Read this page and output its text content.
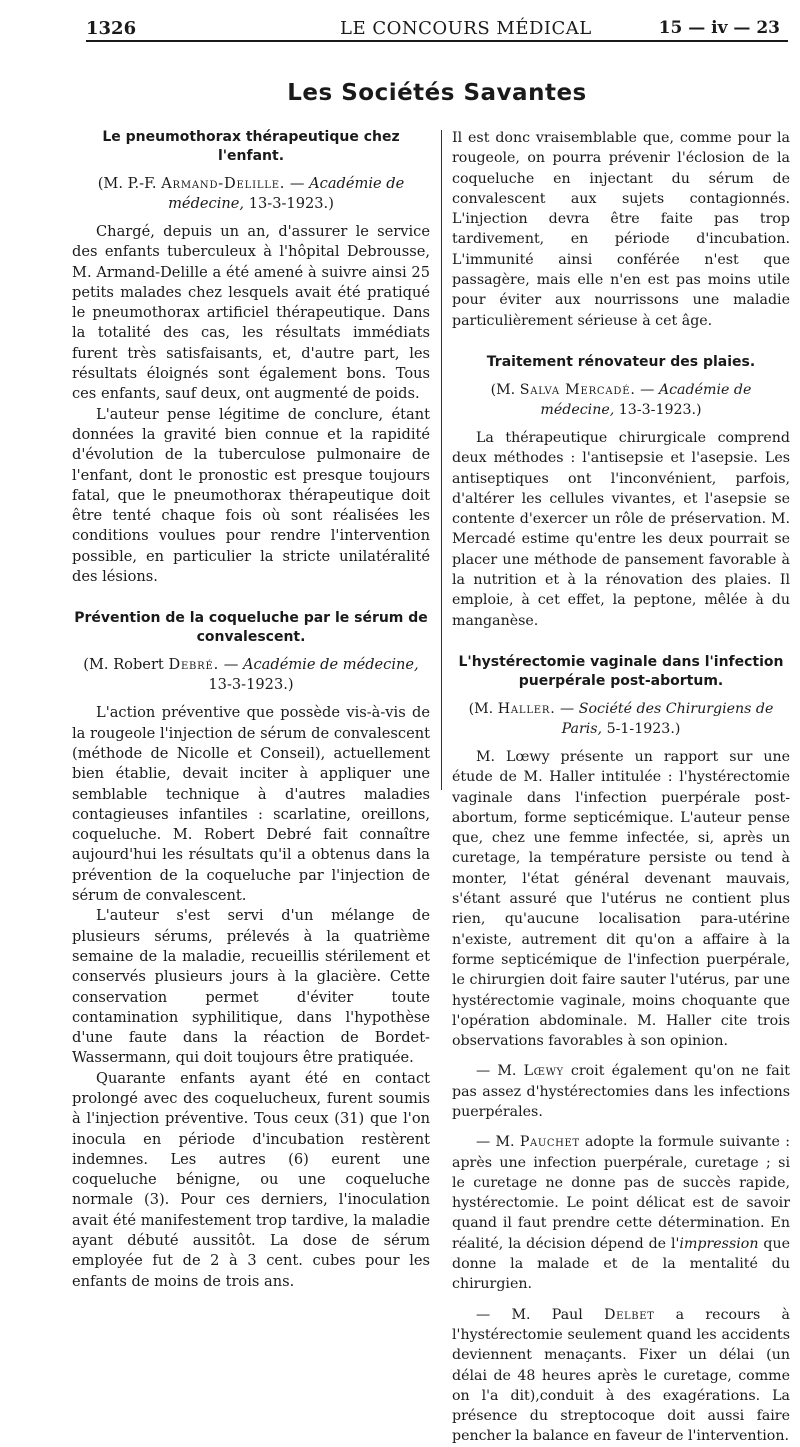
1326	LE CONCOURS MÉDICAL	15 — iv — 23
Les Sociétés Savantes
Le pneumothorax thérapeutique chez l'enfant.
(M. P.-F. Armand-Delille. — Académie de médecine, 13-3-1923.)

Chargé, depuis un an, d'assurer le service des enfants tuberculeux à l'hôpital Debrousse, M. Armand-Delille a été amené à suivre ainsi 25 petits malades chez lesquels avait été pratiqué le pneumothorax artificiel thérapeutique. Dans la totalité des cas, les résultats immédiats furent très satisfaisants, et, d'autre part, les résultats éloignés sont également bons. Tous ces enfants, sauf deux, ont augmenté de poids.

L'auteur pense légitime de conclure, étant données la gravité bien connue et la rapidité d'évolution de la tuberculose pulmonaire de l'enfant, dont le pronostic est presque toujours fatal, que le pneumothorax thérapeutique doit être tenté chaque fois où sont réalisées les conditions voulues pour rendre l'intervention possible, en particulier la stricte unilatéralité des lésions.

Prévention de la coqueluche par le sérum de convalescent.
(M. Robert Debré. — Académie de médecine, 13-3-1923.)

L'action préventive que possède vis-à-vis de la rougeole l'injection de sérum de convalescent (méthode de Nicolle et Conseil), actuellement bien établie, devait inciter à appliquer une semblable technique à d'autres maladies contagieuses infantiles : scarlatine, oreillons, coqueluche. M. Robert Debré fait connaître aujourd'hui les résultats qu'il a obtenus dans la prévention de la coqueluche par l'injection de sérum de convalescent.

L'auteur s'est servi d'un mélange de plusieurs sérums, prélevés à la quatrième semaine de la maladie, recueillis stérilement et conservés plusieurs jours à la glacière. Cette conservation permet d'éviter toute contamination syphilitique, dans l'hypothèse d'une faute dans la réaction de Bordet-Wassermann, qui doit toujours être pratiquée.

Quarante enfants ayant été en contact prolongé avec des coquelucheux, furent soumis à l'injection préventive. Tous ceux (31) que l'on inocula en période d'incubation restèrent indemnes. Les autres (6) eurent une coqueluche bénigne, ou une coqueluche normale (3). Pour ces derniers, l'inoculation avait été manifestement trop tardive, la maladie ayant débuté aussitôt. La dose de sérum employée fut de 2 à 3 cent. cubes pour les enfants de moins de trois ans.

Il est donc vraisemblable que, comme pour la rougeole, on pourra prévenir l'éclosion de la coqueluche en injectant du sérum de convalescent aux sujets contagionnés. L'injection devra être faite pas trop tardivement, en période d'incubation. L'immunité ainsi conférée n'est que passagère, mais elle n'en est pas moins utile pour éviter aux nourrissons une maladie particulièrement sérieuse à cet âge.

Traitement rénovateur des plaies.
(M. Salva Mercadé. — Académie de médecine, 13-3-1923.)

La thérapeutique chirurgicale comprend deux méthodes : l'antisepsie et l'asepsie. Les antiseptiques ont l'inconvénient, parfois, d'altérer les cellules vivantes, et l'asepsie se contente d'exercer un rôle de préservation. M. Mercadé estime qu'entre les deux pourrait se placer une méthode de pansement favorable à la nutrition et à la rénovation des plaies. Il emploie, à cet effet, la peptone, mêlée à du manganèse.

L'hystérectomie vaginale dans l'infection puerpérale post-abortum.
(M. Haller. — Société des Chirurgiens de Paris, 5-1-1923.)

M. Lœwy présente un rapport sur une étude de M. Haller intitulée : l'hystérectomie vaginale dans l'infection puerpérale post-abortum, forme septicémique. L'auteur pense que, chez une femme infectée, si, après un curetage, la température persiste ou tend à monter, l'état général devenant mauvais, s'étant assuré que l'utérus ne contient plus rien, qu'aucune localisation para-utérine n'existe, autrement dit qu'on a affaire à la forme septicémique de l'infection puerpérale, le chirurgien doit faire sauter l'utérus, par une hystérectomie vaginale, moins choquante que l'opération abdominale. M. Haller cite trois observations favorables à son opinion.

— M. Lœwy croit également qu'on ne fait pas assez d'hystérectomies dans les infections puerpérales.

— M. Pauchet adopte la formule suivante : après une infection puerpérale, curetage ; si le curetage ne donne pas de succès rapide, hystérectomie. Le point délicat est de savoir quand il faut prendre cette détermination. En réalité, la décision dépend de l'impression que donne la malade et de la mentalité du chirurgien.

— M. Paul Delbet a recours à l'hystérectomie seulement quand les accidents deviennent menaçants. Fixer un délai (un délai de 48 heures après le curetage, comme on l'a dit),conduit à des exagérations. La présence du streptocoque doit aussi faire pencher la balance en faveur de l'intervention.
